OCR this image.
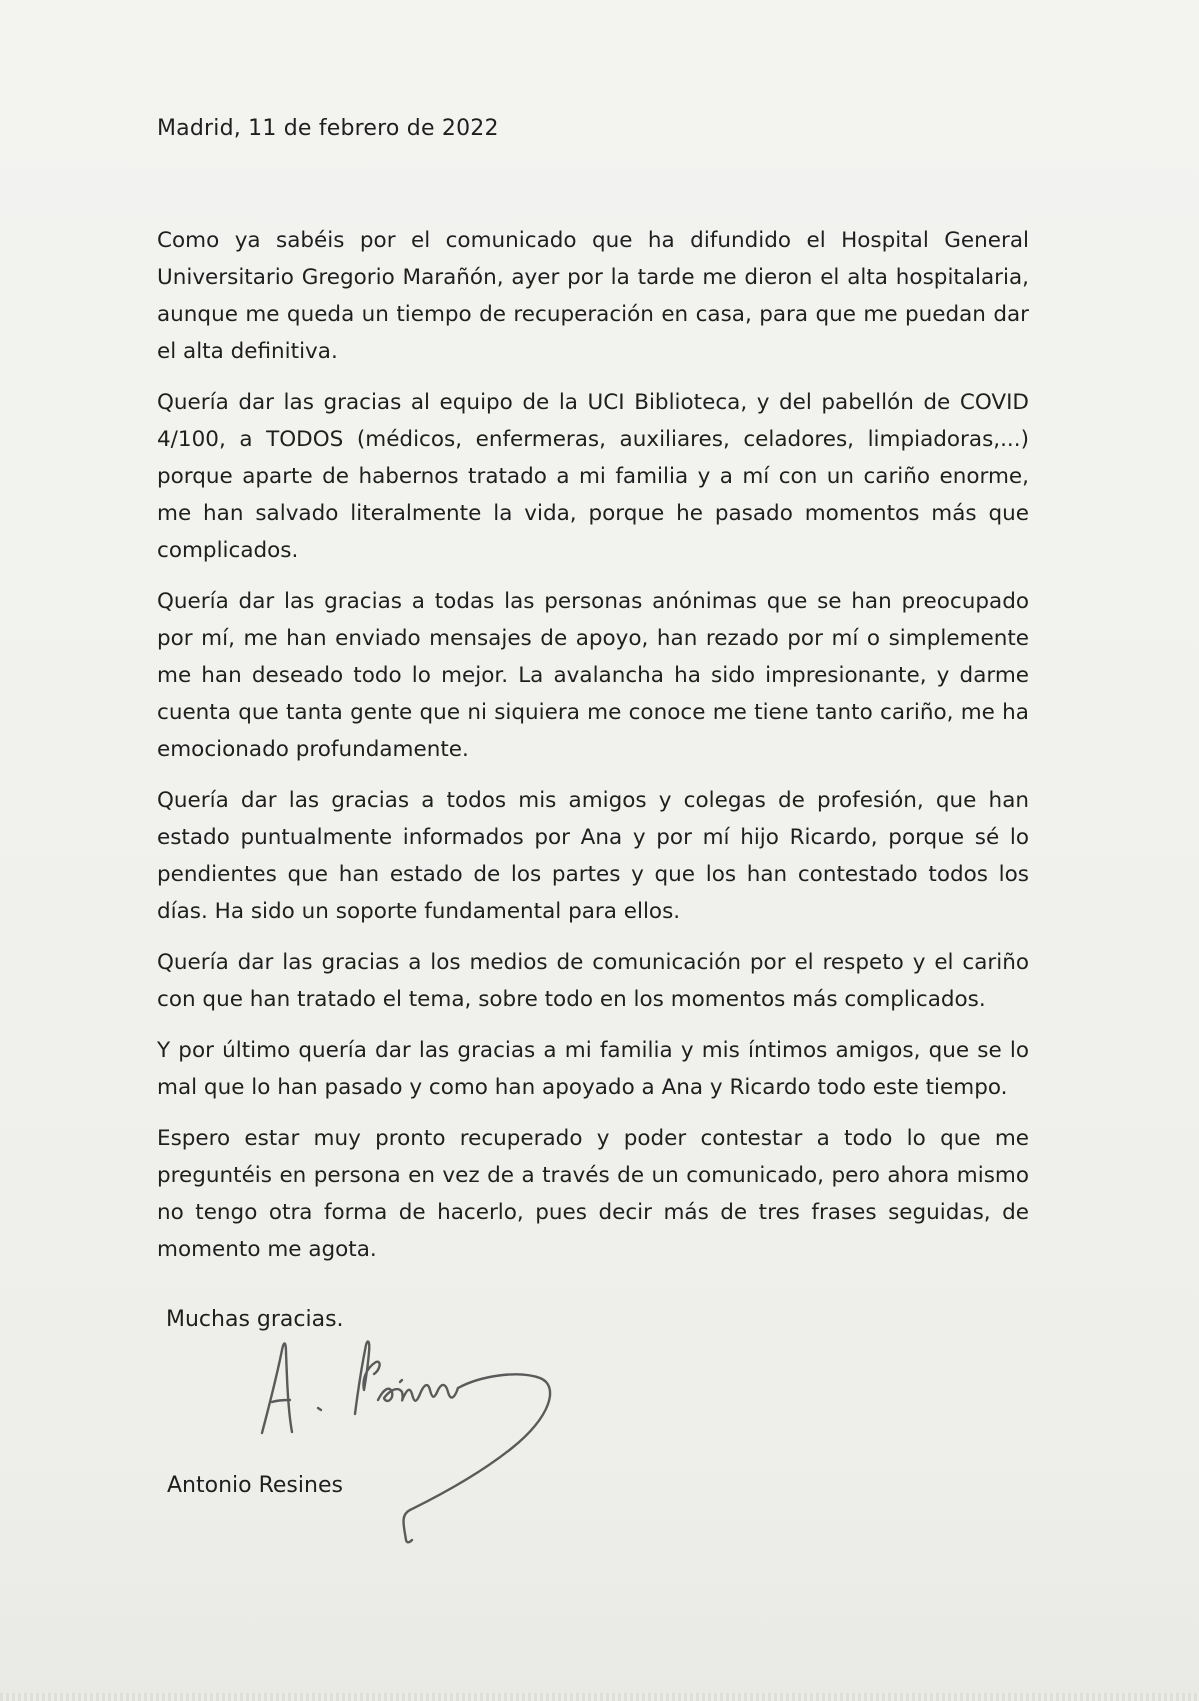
Madrid, 11 de febrero de 2022

Como ya sabéis por el comunicado que ha difundido el Hospital General Universitario Gregorio Marañón, ayer por la tarde me dieron el alta hospitalaria, aunque me queda un tiempo de recuperación en casa, para que me puedan dar el alta definitiva.

Quería dar las gracias al equipo de la UCI Biblioteca, y del pabellón de COVID 4/100, a TODOS (médicos, enfermeras, auxiliares, celadores, limpiadoras,...) porque aparte de habernos tratado a mi familia y a mí con un cariño enorme, me han salvado literalmente la vida, porque he pasado momentos más que complicados.

Quería dar las gracias a todas las personas anónimas que se han preocupado por mí, me han enviado mensajes de apoyo, han rezado por mí o simplemente me han deseado todo lo mejor. La avalancha ha sido impresionante, y darme cuenta que tanta gente que ni siquiera me conoce me tiene tanto cariño, me ha emocionado profundamente.

Quería dar las gracias a todos mis amigos y colegas de profesión, que han estado puntualmente informados por Ana y por mí hijo Ricardo, porque sé lo pendientes que han estado de los partes y que los han contestado todos los días. Ha sido un soporte fundamental para ellos.

Quería dar las gracias a los medios de comunicación por el respeto y el cariño con que han tratado el tema, sobre todo en los momentos más complicados.

Y por último quería dar las gracias a mi familia y mis íntimos amigos, que se lo mal que lo han pasado y como han apoyado a Ana y Ricardo todo este tiempo.

Espero estar muy pronto recuperado y poder contestar a todo lo que me preguntéis en persona en vez de a través de un comunicado, pero ahora mismo no tengo otra forma de hacerlo, pues decir más de tres frases seguidas, de momento me agota.

Muchas gracias.
Antonio Resines
